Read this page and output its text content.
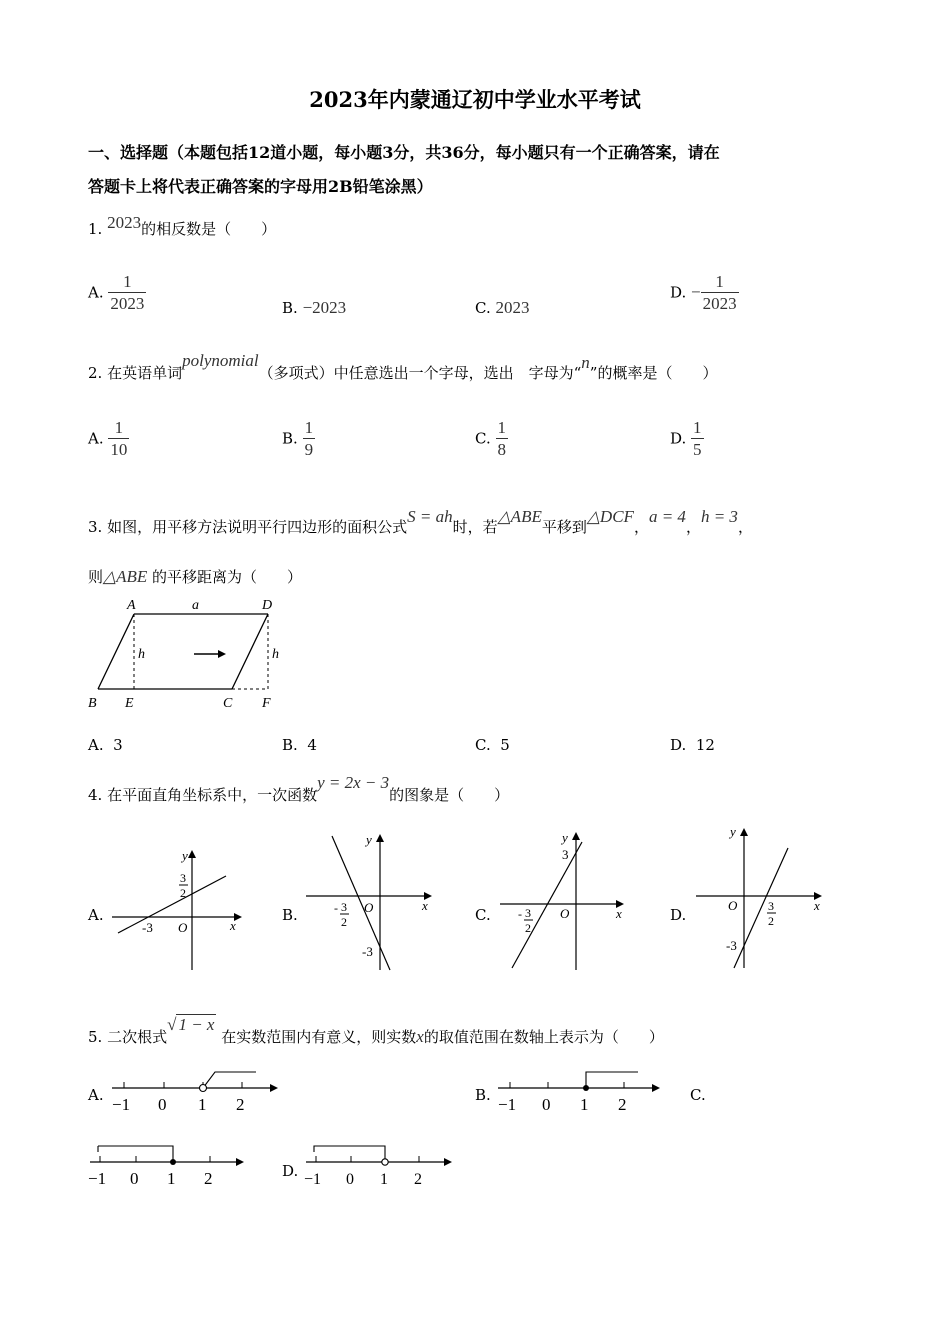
2023年内蒙通辽初中学业水平考试
一、选择题（本题包括12道小题，每小题3分，共36分，每小题只有一个正确答案，请在
答题卡上将代表正确答案的字母用2B铅笔涂黑）
1. 2023的相反数是（　　）
A. $\frac{1}{2023}$	B. −2023	C. 2023
D. − $\frac{1}{2023}$
2. 在英语单词polynomial（多项式）中任意选出一个字母，选出　字母为“n”的概率是（　　）
A. $\frac{1}{10}$	B. $\frac{1}{9}$	C. $\frac{1}{8}$	D. $\frac{1}{5}$
3. 如图，用平移方法说明平行四边形的面积公式S = ah时，若△ABE平移到△DCF，a = 4，h = 3，
则△ABE 的平移距离为（　　）
A	a	D
h	h
B E	C F
A. 3	B. 4	C. 5	D. 12
4. 在平面直角坐标系中，一次函数y = 2x − 3的图象是（　　）
A.
y
x
O
-3
3
2
B.
y
x
O
- 3
2
-3
C.
y
x
O
3
- 3
2
D.
y
x
O	3
2
-3
5. 二次根式√ 1 − x 在实数范围内有意义，则实数x的取值范围在数轴上表示为（　　）
A. −1 0 1 2	B. −1 0 1 2	C.
−1 0 1 2	D. −1 0 1 2
